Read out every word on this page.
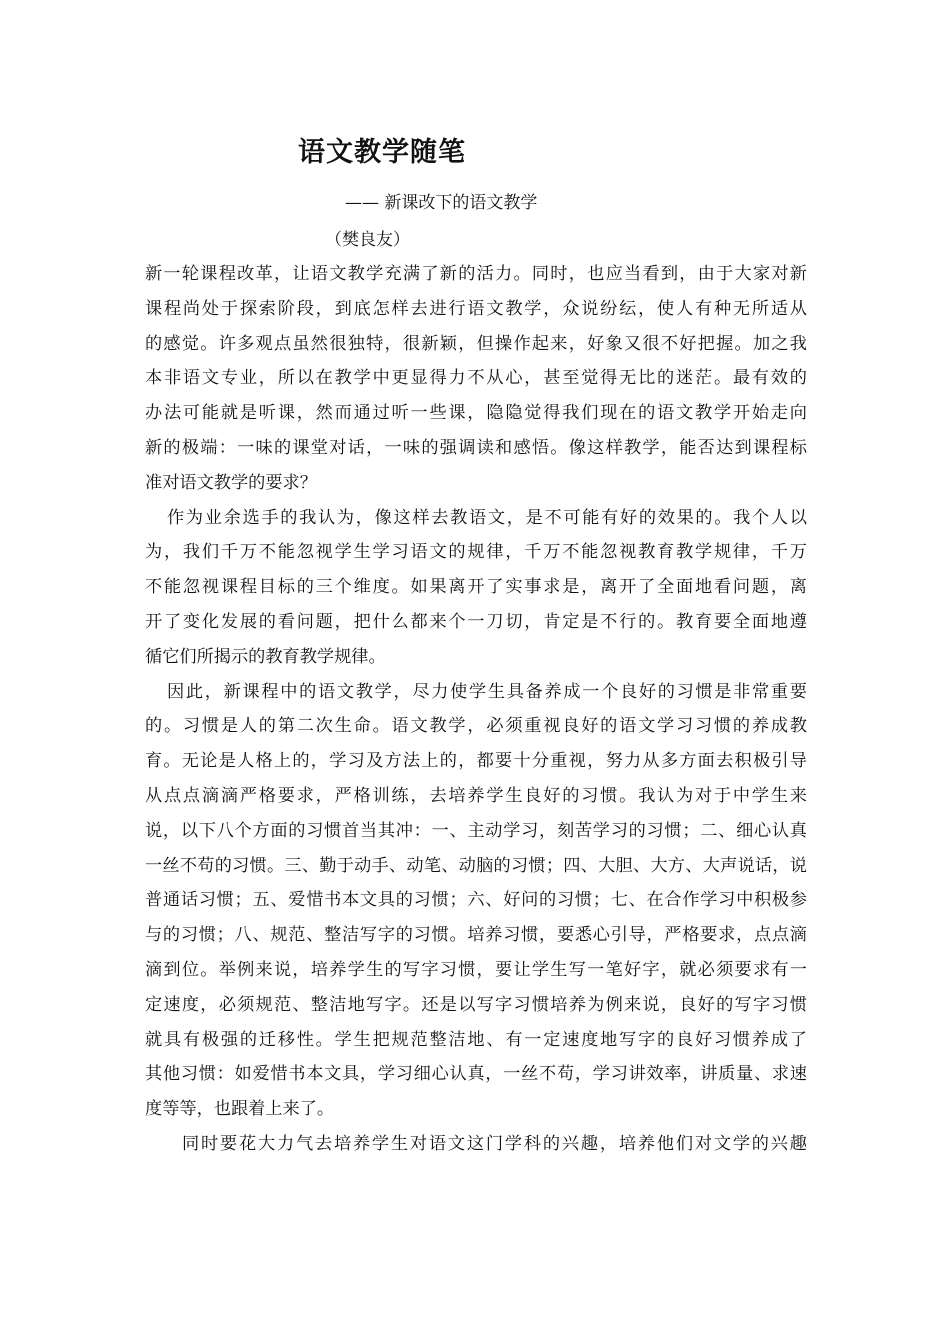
语文教学随笔
—— 新课改下的语文教学
（樊良友）
新一轮课程改革，让语文教学充满了新的活力。同时，也应当看到，由于大家对新
课程尚处于探索阶段，到底怎样去进行语文教学，众说纷纭，使人有种无所适从
的感觉。许多观点虽然很独特，很新颖，但操作起来，好象又很不好把握。加之我
本非语文专业，所以在教学中更显得力不从心，甚至觉得无比的迷茫。最有效的
办法可能就是听课，然而通过听一些课，隐隐觉得我们现在的语文教学开始走向
新的极端：一味的课堂对话，一味的强调读和感悟。像这样教学，能否达到课程标
准对语文教学的要求？
作为业余选手的我认为，像这样去教语文，是不可能有好的效果的。我个人以
为，我们千万不能忽视学生学习语文的规律，千万不能忽视教育教学规律，千万
不能忽视课程目标的三个维度。如果离开了实事求是，离开了全面地看问题，离
开了变化发展的看问题，把什么都来个一刀切，肯定是不行的。教育要全面地遵
循它们所揭示的教育教学规律。
因此，新课程中的语文教学，尽力使学生具备养成一个良好的习惯是非常重要
的。习惯是人的第二次生命。语文教学，必须重视良好的语文学习习惯的养成教
育。无论是人格上的，学习及方法上的，都要十分重视，努力从多方面去积极引导
从点点滴滴严格要求，严格训练，去培养学生良好的习惯。我认为对于中学生来
说，以下八个方面的习惯首当其冲：一、主动学习，刻苦学习的习惯；二、细心认真
一丝不苟的习惯。三、勤于动手、动笔、动脑的习惯；四、大胆、大方、大声说话，说
普通话习惯；五、爱惜书本文具的习惯；六、好问的习惯；七、在合作学习中积极参
与的习惯；八、规范、整洁写字的习惯。培养习惯，要悉心引导，严格要求，点点滴
滴到位。举例来说，培养学生的写字习惯，要让学生写一笔好字，就必须要求有一
定速度，必须规范、整洁地写字。还是以写字习惯培养为例来说，良好的写字习惯
就具有极强的迁移性。学生把规范整洁地、有一定速度地写字的良好习惯养成了
其他习惯：如爱惜书本文具，学习细心认真，一丝不苟，学习讲效率，讲质量、求速
度等等，也跟着上来了。
同时要花大力气去培养学生对语文这门学科的兴趣，培养他们对文学的兴趣
